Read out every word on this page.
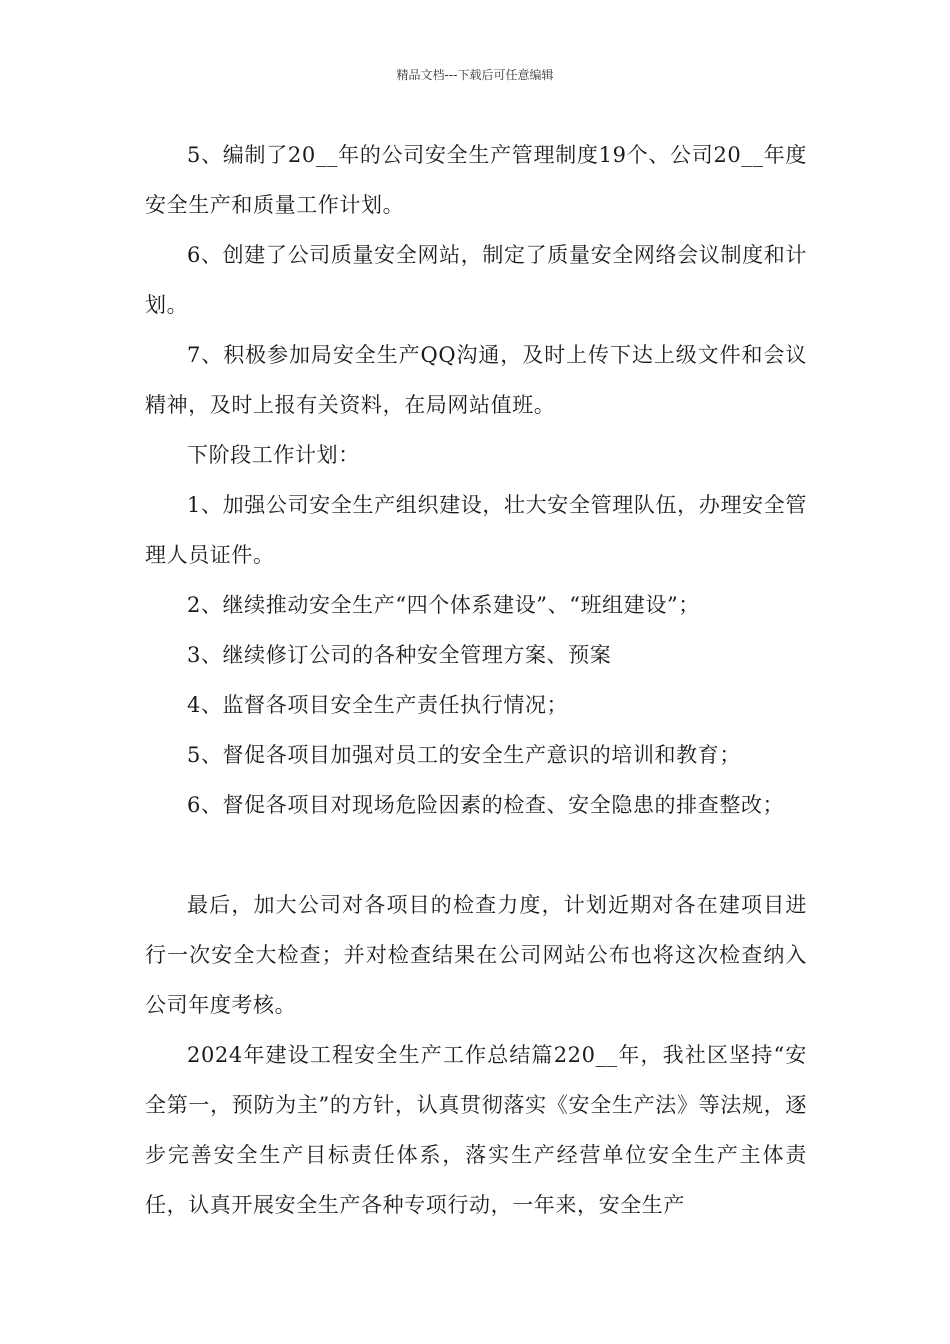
精品文档---下载后可任意编辑

5、编制了20__年的公司安全生产管理制度19个、公司20__年度安全生产和质量工作计划。

6、创建了公司质量安全网站，制定了质量安全网络会议制度和计划。

7、积极参加局安全生产QQ沟通，及时上传下达上级文件和会议精神，及时上报有关资料，在局网站值班。

下阶段工作计划：

1、加强公司安全生产组织建设，壮大安全管理队伍，办理安全管理人员证件。

2、继续推动安全生产“四个体系建设”、“班组建设”；

3、继续修订公司的各种安全管理方案、预案

4、监督各项目安全生产责任执行情况；

5、督促各项目加强对员工的安全生产意识的培训和教育；

6、督促各项目对现场危险因素的检查、安全隐患的排查整改；

最后，加大公司对各项目的检查力度，计划近期对各在建项目进行一次安全大检查；并对检查结果在公司网站公布也将这次检查纳入公司年度考核。

2024年建设工程安全生产工作总结篇220__年，我社区坚持“安全第一，预防为主”的方针，认真贯彻落实《安全生产法》等法规，逐步完善安全生产目标责任体系，落实生产经营单位安全生产主体责任，认真开展安全生产各种专项行动，一年来，安全生产
